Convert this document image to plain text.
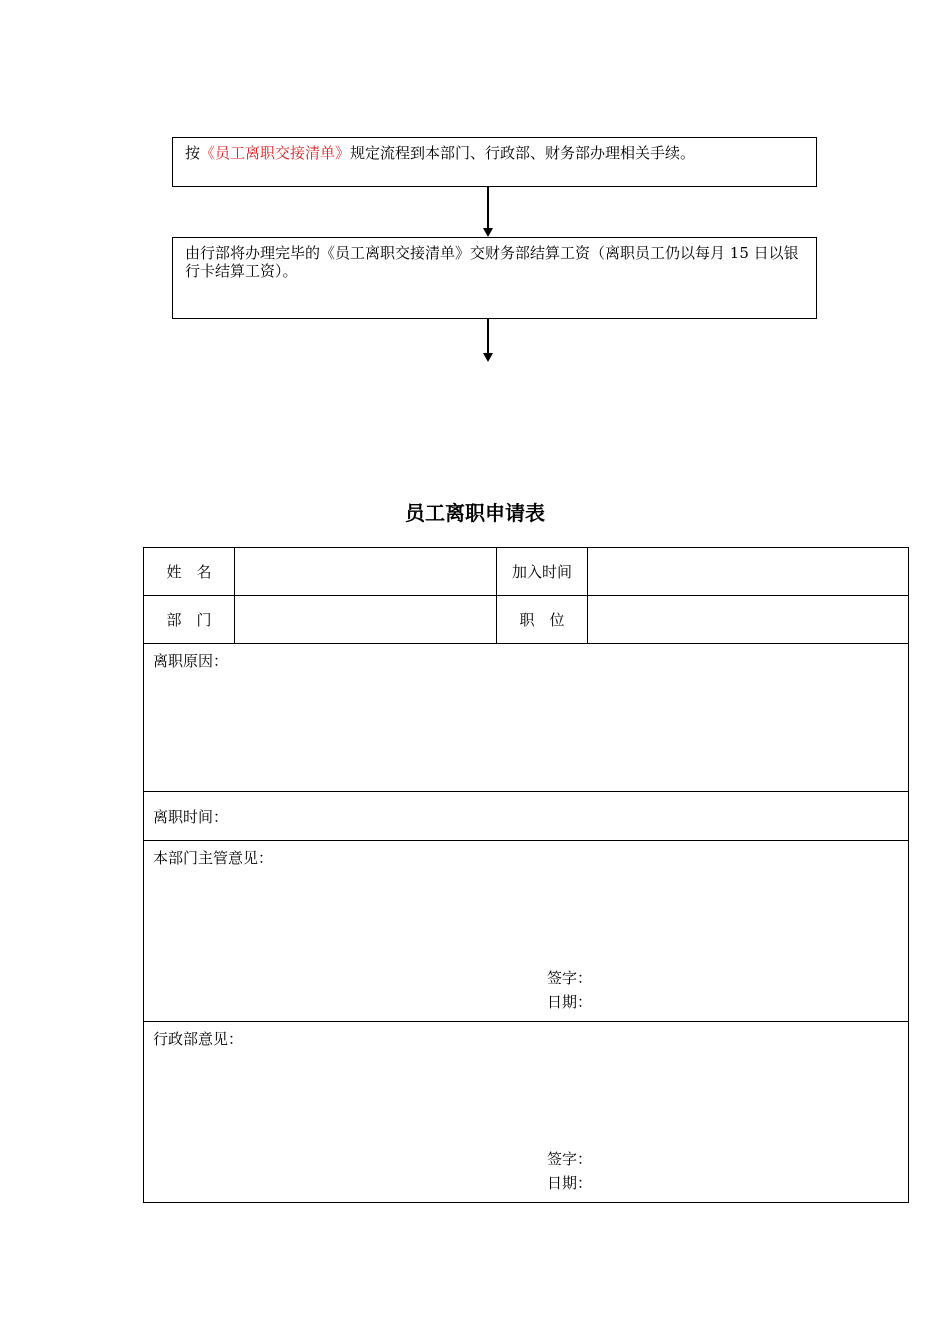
按《员工离职交接清单》规定流程到本部门、行政部、财务部办理相关手续。
由行部将办理完毕的《员工离职交接清单》交财务部结算工资（离职员工仍以每月 15 日以银行卡结算工资）。
员工离职申请表
姓　名		加入时间	
部　门		职　位	
离职原因：			
离职时间：			
本部门主管意见：
签字：
日期：			

行政部意见：
签字：
日期：			
